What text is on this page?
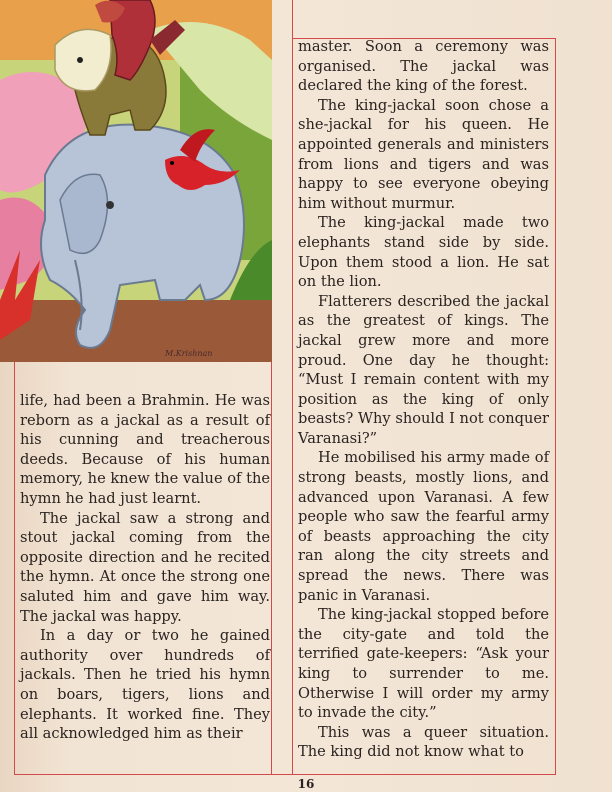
M.Krishnan

life, had been a Brahmin. He was reborn as a jackal as a result of his cunning and treacherous deeds. Because of his human memory, he knew the value of the hymn he had just learnt.

The jackal saw a strong and stout jackal coming from the opposite direction and he recited the hymn. At once the strong one saluted him and gave him way. The jackal was happy.

In a day or two he gained authority over hundreds of jackals. Then he tried his hymn on boars, tigers, lions and elephants. It worked fine. They all acknowledged him as their

master. Soon a ceremony was organised. The jackal was declared the king of the forest.

The king-jackal soon chose a she-jackal for his queen. He appointed generals and ministers from lions and tigers and was happy to see everyone obeying him without murmur.

The king-jackal made two elephants stand side by side. Upon them stood a lion. He sat on the lion.

Flatterers described the jackal as the greatest of kings. The jackal grew more and more proud. One day he thought: “Must I remain content with my position as the king of only beasts? Why should I not conquer Varanasi?”

He mobilised his army made of strong beasts, mostly lions, and advanced upon Varanasi. A few people who saw the fearful army of beasts approaching the city ran along the city streets and spread the news. There was panic in Varanasi.

The king-jackal stopped before the city-gate and told the terrified gate-keepers: “Ask your king to surrender to me. Otherwise I will order my army to invade the city.”

This was a queer situation. The king did not know what to

16
